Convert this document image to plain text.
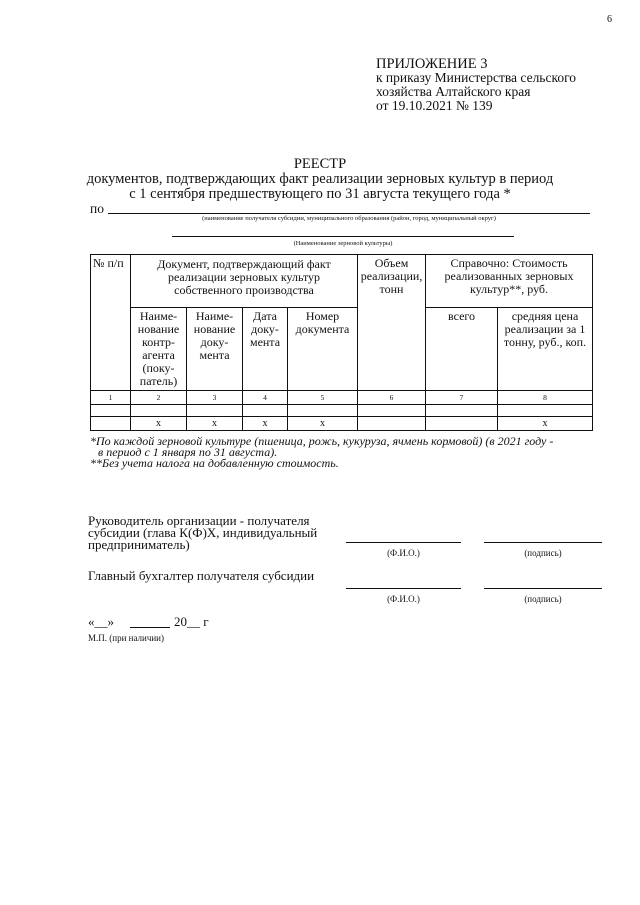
6
ПРИЛОЖЕНИЕ 3
к приказу Министерства сельского
хозяйства Алтайского края
от 19.10.2021 № 139
РЕЕСТР
документов, подтверждающих факт реализации зерновых культур в период
с 1 сентября предшествующего по 31 августа текущего года *
по
(наименование получателя субсидии, муниципального образования (район, город, муниципальный округ)
(Наименование зерновой культуры)
№ п/п	Документ, подтверждающий факт реализации зерновых культур собственного производства				Объем реализации, тонн	Справочно: Стоимость реализованных зерновых культур**, руб.	
	Наиме-нование контр-агента (поку-патель)	Наиме-нование доку-мента	Дата доку-мента	Номер документа		всего	средняя цена реализации за 1 тонну, руб., коп.
1	2	3	4	5	6	7	8

	x	x	x	x			x
*По каждой зерновой культуре (пшеница, рожь, кукуруза, ячмень кормовой) (в 2021 году -
в период с 1 января по 31 августа).
**Без учета налога на добавленную стоимость.
Руководитель организации - получателя
субсидии (глава К(Ф)Х, индивидуальный
предприниматель)
(Ф.И.О.)	(подпись)
Главный бухгалтер получателя субсидии
(Ф.И.О.)	(подпись)
«__»	20__ г
М.П. (при наличии)
